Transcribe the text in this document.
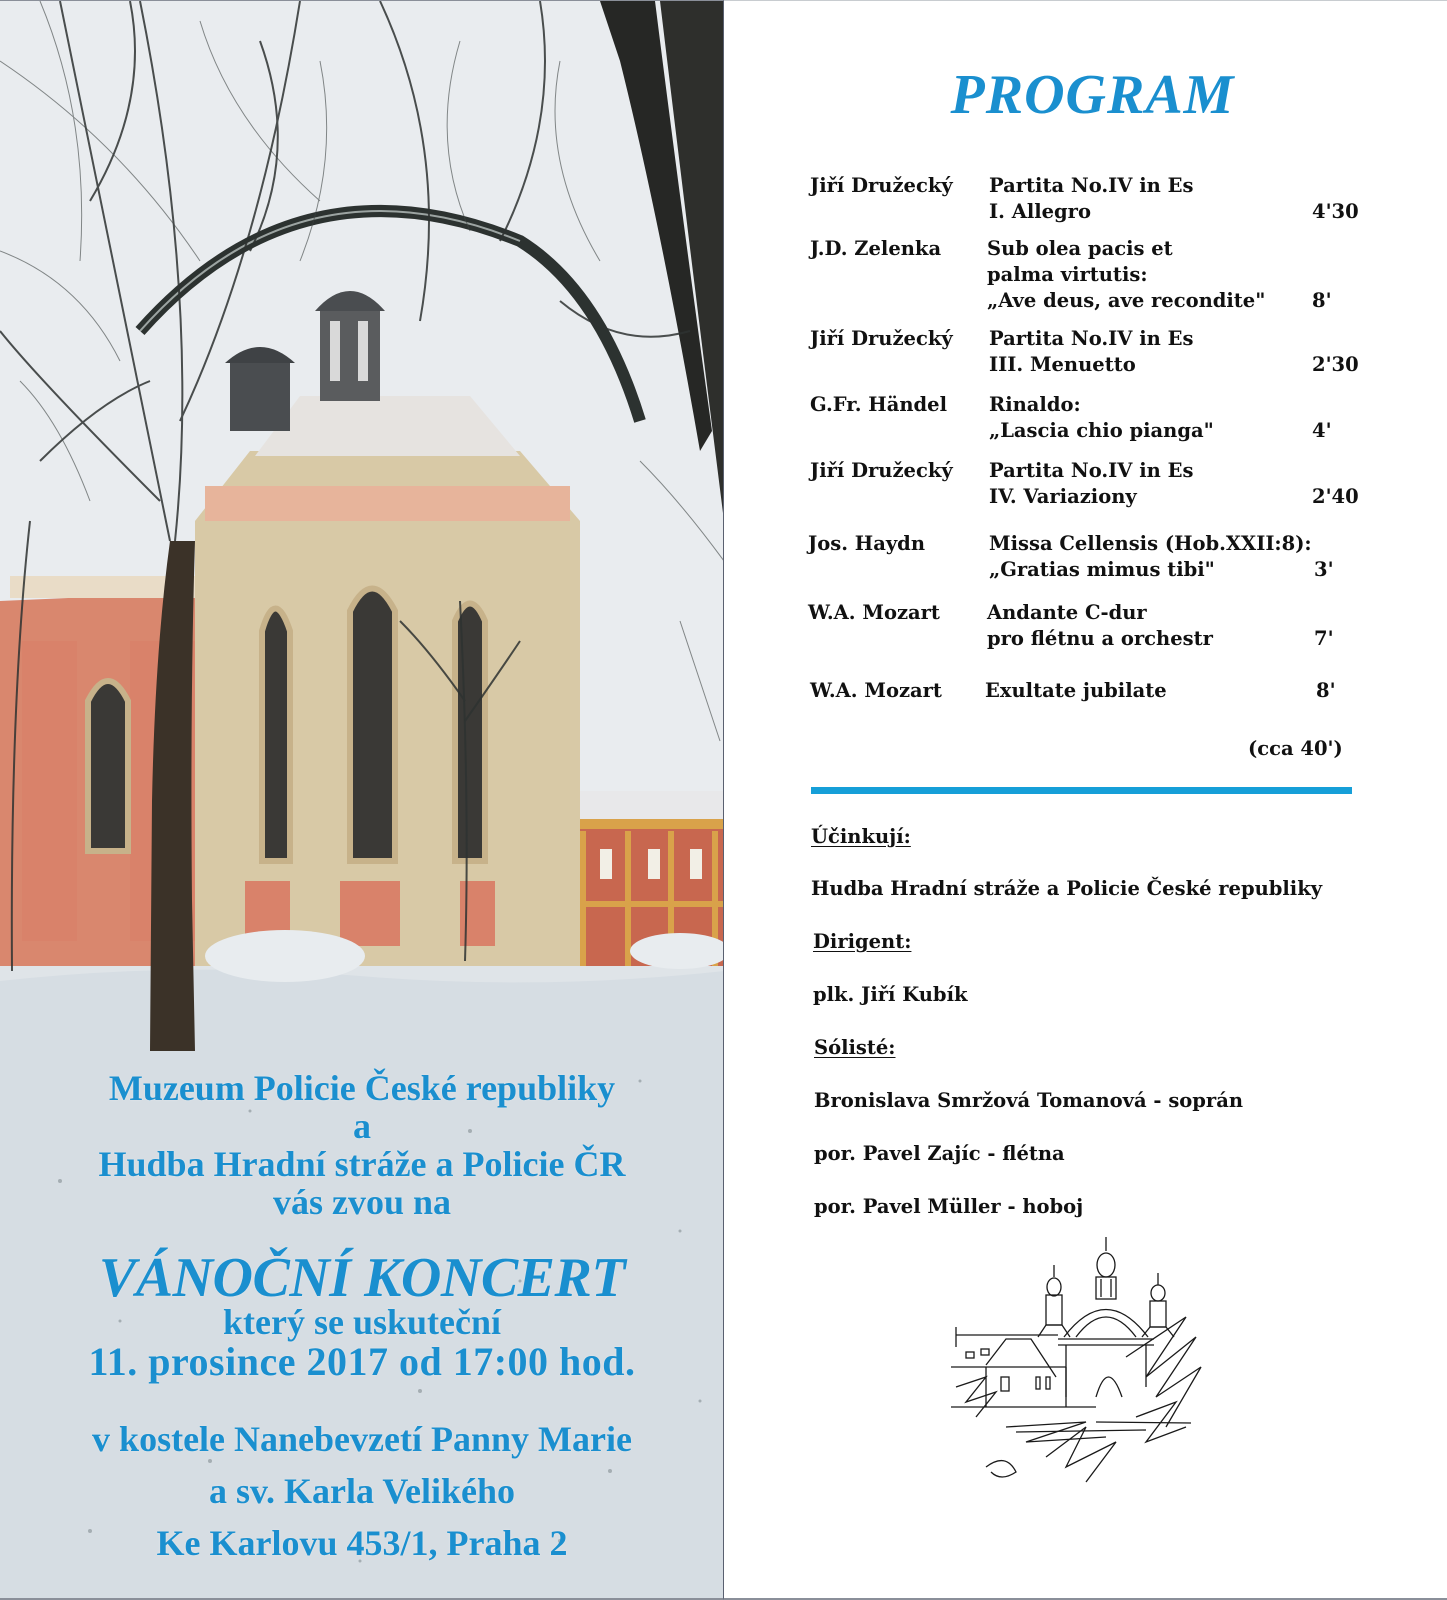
Muzeum Policie České republiky
a
Hudba Hradní stráže a Policie ČR
vás zvou na
VÁNOČNÍ KONCERT
který se uskuteční
11. prosince 2017 od 17:00 hod.
v kostele Nanebevzetí Panny Marie
a sv. Karla Velikého
Ke Karlovu 453/1, Praha 2
PROGRAM
Jiří Družecký Partita No.IV in Es
I. Allegro	4'30
J.D. Zelenka Sub olea pacis et
palma virtutis:
„Ave deus, ave recondite" 8'
Jiří Družecký Partita No.IV in Es
III. Menuetto	2'30
G.Fr. Händel Rinaldo:
„Lascia chio pianga"	4'
Jiří Družecký Partita No.IV in Es
IV. Variaziony	2'40
Jos. Haydn	Missa Cellensis (Hob.XXII:8):
„Gratias mimus tibi"	3'
W.A. Mozart Andante C-dur
pro flétnu a orchestr	7'
W.A. Mozart Exultate jubilate	8'
(cca 40')
Účinkují:
Hudba Hradní stráže a Policie České republiky
Dirigent:
plk. Jiří Kubík
Sólisté:
Bronislava Smržová Tomanová - soprán
por. Pavel Zajíc - flétna
por. Pavel Müller - hoboj
